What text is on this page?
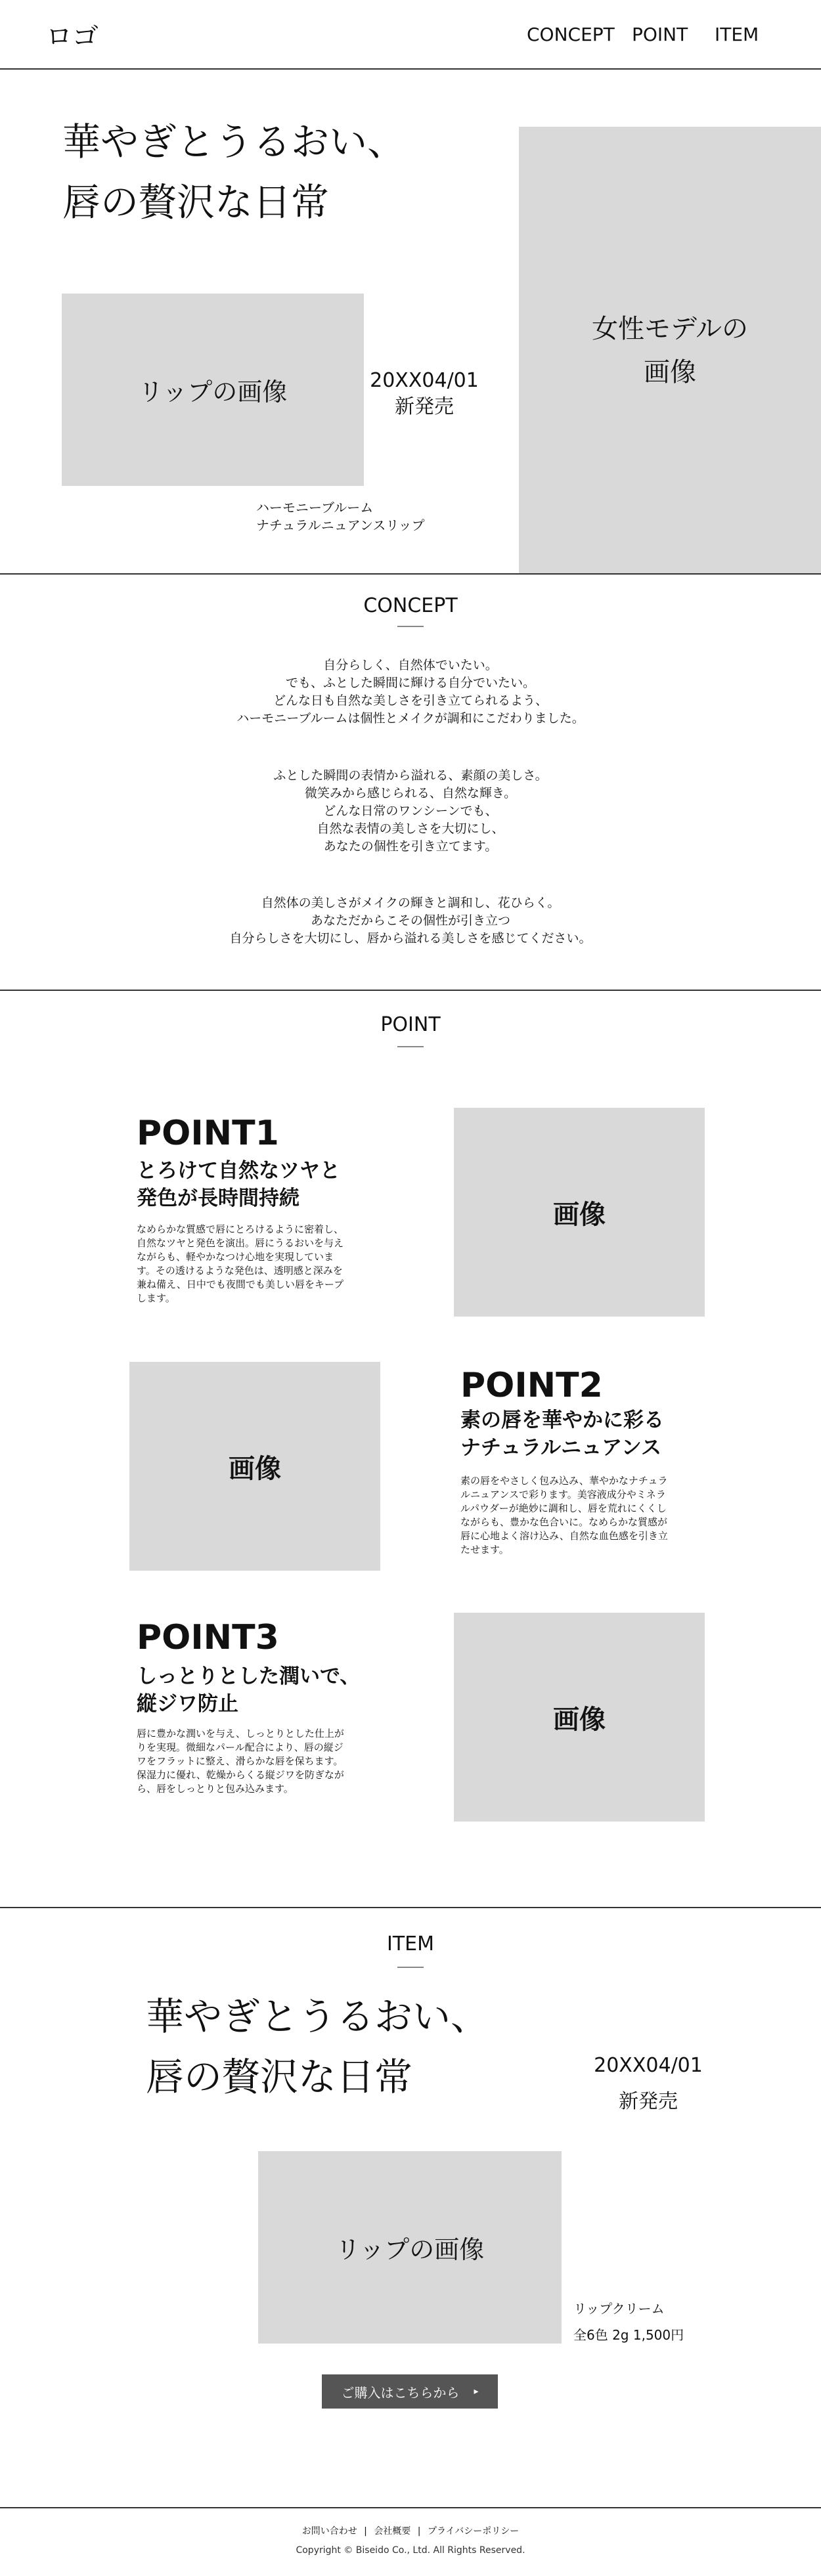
ロゴ	CONCEPT POINT ITEM
華やぎとうるおい、
唇の贅沢な日常
リップの画像	20XX04/01
新発売
ハーモニーブルーム
ナチュラルニュアンスリップ
女性モデルの
画像
CONCEPT
自分らしく、自然体でいたい。
でも、ふとした瞬間に輝ける自分でいたい。
どんな日も自然な美しさを引き立てられるよう、
ハーモニーブルームは個性とメイクが調和にこだわりました。
ふとした瞬間の表情から溢れる、素顔の美しさ。
微笑みから感じられる、自然な輝き。
どんな日常のワンシーンでも、
自然な表情の美しさを大切にし、
あなたの個性を引き立てます。
自然体の美しさがメイクの輝きと調和し、花ひらく。
あなただからこその個性が引き立つ
自分らしさを大切にし、唇から溢れる美しさを感じてください。
POINT
POINT1
とろけて自然なツヤと
発色が長時間持続
なめらかな質感で唇にとろけるように密着し、
自然なツヤと発色を演出。唇にうるおいを与え
ながらも、軽やかなつけ心地を実現していま
す。その透けるような発色は、透明感と深みを
兼ね備え、日中でも夜間でも美しい唇をキープ
します。
画像
画像
POINT2
素の唇を華やかに彩る
ナチュラルニュアンス
素の唇をやさしく包み込み、華やかなナチュラ
ルニュアンスで彩ります。美容液成分やミネラ
ルパウダーが絶妙に調和し、唇を荒れにくくし
ながらも、豊かな色合いに。なめらかな質感が
唇に心地よく溶け込み、自然な血色感を引き立
たせます。
POINT3
しっとりとした潤いで、
縦ジワ防止
唇に豊かな潤いを与え、しっとりとした仕上が
りを実現。微細なパール配合により、唇の縦ジ
ワをフラットに整え、滑らかな唇を保ちます。
保湿力に優れ、乾燥からくる縦ジワを防ぎなが
ら、唇をしっとりと包み込みます。
画像
ITEM
華やぎとうるおい、
唇の贅沢な日常	20XX04/01
新発売
リップの画像
リップクリーム
全6色 2g 1,500円
ご購入はこちらから ▸
お問い合わせ | 会社概要 | プライバシーポリシー
Copyright © Biseido Co., Ltd. All Rights Reserved.
